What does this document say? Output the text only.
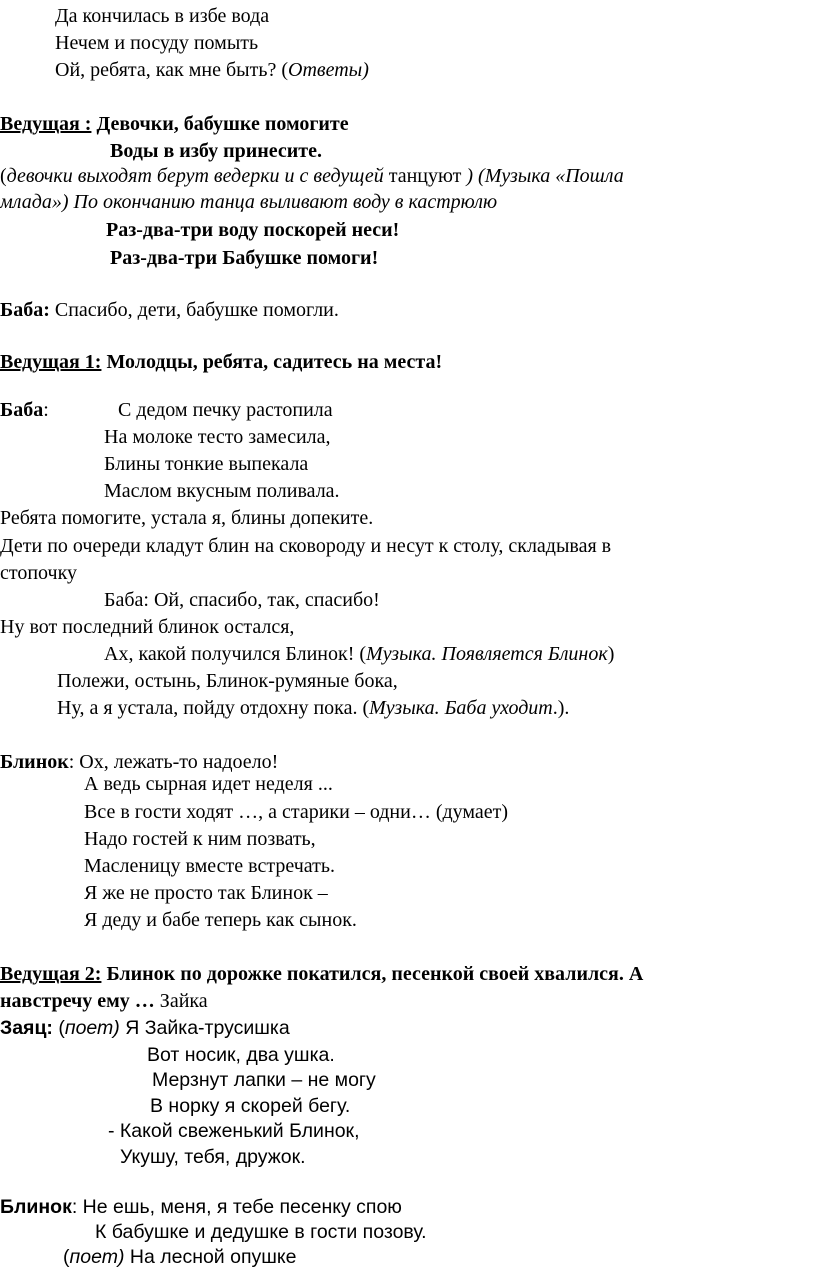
Да кончилась в избе вода
Нечем и посуду помыть
Ой, ребята, как мне быть? (Ответы)
Ведущая : Девочки, бабушке помогите
Воды в избу принесите.
(девочки выходят берут ведерки и с ведущей танцуют ) (Музыка «Пошла
млада») По окончанию танца выливают воду в кастрюлю
Раз-два-три воду поскорей неси!
Раз-два-три Бабушке помоги!
Баба: Спасибо, дети, бабушке помогли.
Ведущая 1: Молодцы, ребята, садитесь на места!
Баба:	С дедом печку растопила
На молоке тесто замесила,
Блины тонкие выпекала
Маслом вкусным поливала.
Ребята помогите, устала я, блины допеките.
Дети по очереди кладут блин на сковороду и несут к столу, складывая в
стопочку
Баба: Ой, спасибо, так, спасибо!
Ну вот последний блинок остался,
Ах, какой получился Блинок! (Музыка. Появляется Блинок)
Полежи, остынь, Блинок-румяные бока,
Ну, а я устала, пойду отдохну пока. (Музыка. Баба уходит.).
Блинок: Ох, лежать-то надоело!
А ведь сырная идет неделя ...
Все в гости ходят …, а старики – одни… (думает)
Надо гостей к ним позвать,
Масленицу вместе встречать.
Я же не просто так Блинок –
Я деду и бабе теперь как сынок.
Ведущая 2: Блинок по дорожке покатился, песенкой своей хвалился. А
навстречу ему … Зайка
Заяц: (поет) Я Зайка-трусишка
Вот носик, два ушка.
Мерзнут лапки – не могу
В норку я скорей бегу.
- Какой свеженький Блинок,
Укушу, тебя, дружок.
Блинок: Не ешь, меня, я тебе песенку спою
К бабушке и дедушке в гости позову.
(поет) На лесной опушке
